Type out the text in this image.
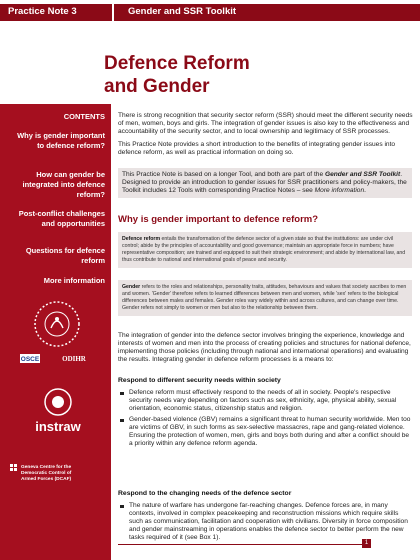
Practice Note 3	Gender and SSR Toolkit
Defence Reform
and Gender
CONTENTS
Why is gender important to defence reform?
How can gender be integrated into defence reform?
Post-conflict challenges and opportunities
Questions for defence reform
More information
OSCE	ODIHR
instraw
Geneva Centre for the
Democratic Control of
Armed Forces (DCAF)

There is strong recognition that security sector reform (SSR) should meet the different security needs of men, women, boys and girls. The integration of gender issues is also key to the effectiveness and accountability of the security sector, and to local ownership and legitimacy of SSR processes.

This Practice Note provides a short introduction to the benefits of integrating gender issues into defence reform, as well as practical information on doing so.

This Practice Note is based on a longer Tool, and both are part of the Gender and SSR Toolkit. Designed to provide an introduction to gender issues for SSR practitioners and policy-makers, the Toolkit includes 12 Tools with corresponding Practice Notes – see More information.
Why is gender important to defence reform?
Defence reform entails the transformation of the defence sector of a given state so that the institutions: are under civil control; abide by the principles of accountability and good governance; maintain an appropriate force in numbers; have representative composition; are trained and equipped to suit their strategic environment; and abide by international law, and thus contribute to national and international goals of peace and security.
Gender refers to the roles and relationships, personality traits, attitudes, behaviours and values that society ascribes to men and women. 'Gender' therefore refers to learned differences between men and women, while 'sex' refers to the biological differences between males and females. Gender roles vary widely within and across cultures, and can change over time. Gender refers not simply to women or men but also to the relationship between them.
The integration of gender into the defence sector involves bringing the experience, knowledge and interests of women and men into the process of creating policies and structures for national defence, implementing those policies (including through national and international operations) and evaluating the results. Integrating gender in defence reform processes is a means to:
Respond to different security needs within society
Defence reform must effectively respond to the needs of all in society. People's respective security needs vary depending on factors such as sex, ethnicity, age, physical ability, sexual orientation, economic status, citizenship status and religion.
Gender-based violence (GBV) remains a significant threat to human security worldwide. Men too are victims of GBV, in such forms as sex-selective massacres, rape and gang-related violence. Ensuring the protection of women, men, girls and boys both during and after a conflict should be a priority within any defence reform agenda.
Respond to the changing needs of the defence sector
The nature of warfare has undergone far-reaching changes. Defence forces are, in many contexts, involved in complex peacekeeping and reconstruction missions which require skills such as communication, facilitation and cooperation with civilians. Diversity in force composition and gender mainstreaming in operations enables the defence sector to better perform the new tasks required of it (see Box 1).
1
